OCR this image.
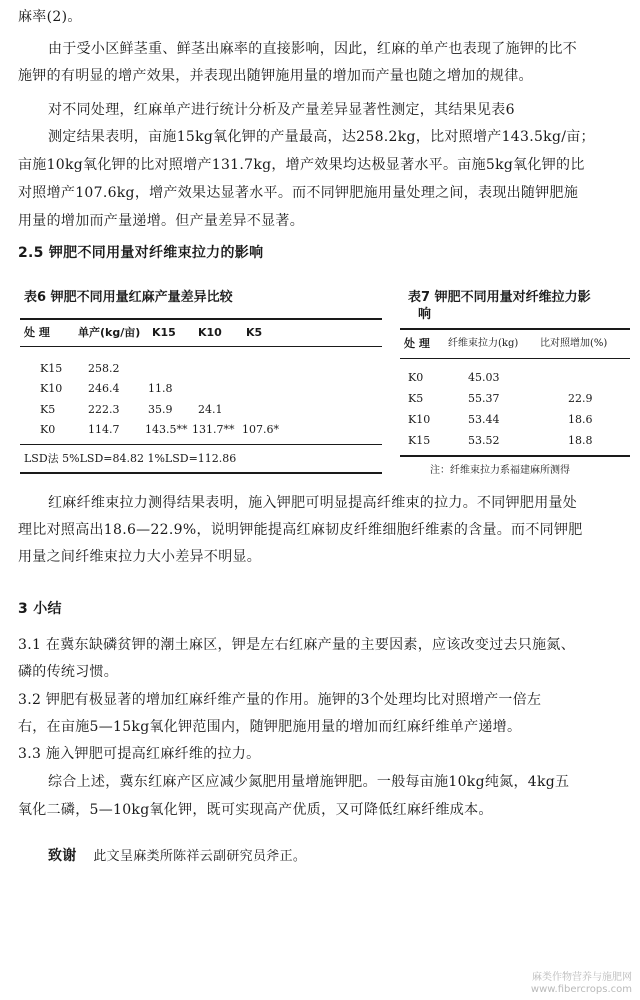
麻率(2)。

由于受小区鲜茎重、鲜茎出麻率的直接影响，因此，红麻的单产也表现了施钾的比不

施钾的有明显的增产效果，并表现出随钾施用量的增加而产量也随之增加的规律。

对不同处理，红麻单产进行统计分析及产量差异显著性测定，其结果见表6

测定结果表明，亩施15kg氧化钾的产量最高，达258.2kg，比对照增产143.5kg/亩；

亩施10kg氧化钾的比对照增产131.7kg，增产效果均达极显著水平。亩施5kg氧化钾的比

对照增产107.6kg，增产效果达显著水平。而不同钾肥施用量处理之间，表现出随钾肥施

用量的增加而产量递增。但产量差异不显著。

2.5 钾肥不同用量对纤维束拉力的影响

表6 钾肥不同用量红麻产量差异比较
处 理	单产(kg/亩) K15 K10 K5
K15 258.2
K10 246.4	11.8
K5	222.3	35.9 24.1
K0	114.7 143.5** 131.7** 107.6*
LSD法 5%LSD=84.82 1%LSD=112.86
表7 钾肥不同用量对纤维拉力影
响
处 理 纤维束拉力(kg) 比对照增加(%)
K0	45.03
K5	55.37	22.9
K10	53.44	18.6
K15	53.52	18.8
注：纤维束拉力系福建麻所测得

红麻纤维束拉力测得结果表明，施入钾肥可明显提高纤维束的拉力。不同钾肥用量处

理比对照高出18.6—22.9%，说明钾能提高红麻韧皮纤维细胞纤维素的含量。而不同钾肥

用量之间纤维束拉力大小差异不明显。

3 小结

3.1 在冀东缺磷贫钾的潮土麻区，钾是左右红麻产量的主要因素，应该改变过去只施氮、

磷的传统习惯。

3.2 钾肥有极显著的增加红麻纤维产量的作用。施钾的3个处理均比对照增产一倍左

右，在亩施5—15kg氧化钾范围内，随钾肥施用量的增加而红麻纤维单产递增。

3.3 施入钾肥可提高红麻纤维的拉力。

综合上述，冀东红麻产区应减少氮肥用量增施钾肥。一般每亩施10kg纯氮，4kg五

氧化二磷，5—10kg氧化钾，既可实现高产优质，又可降低红麻纤维成本。

致谢 此文呈麻类所陈祥云副研究员斧正。

麻类作物营养与施肥网
www.fibercrops.com
